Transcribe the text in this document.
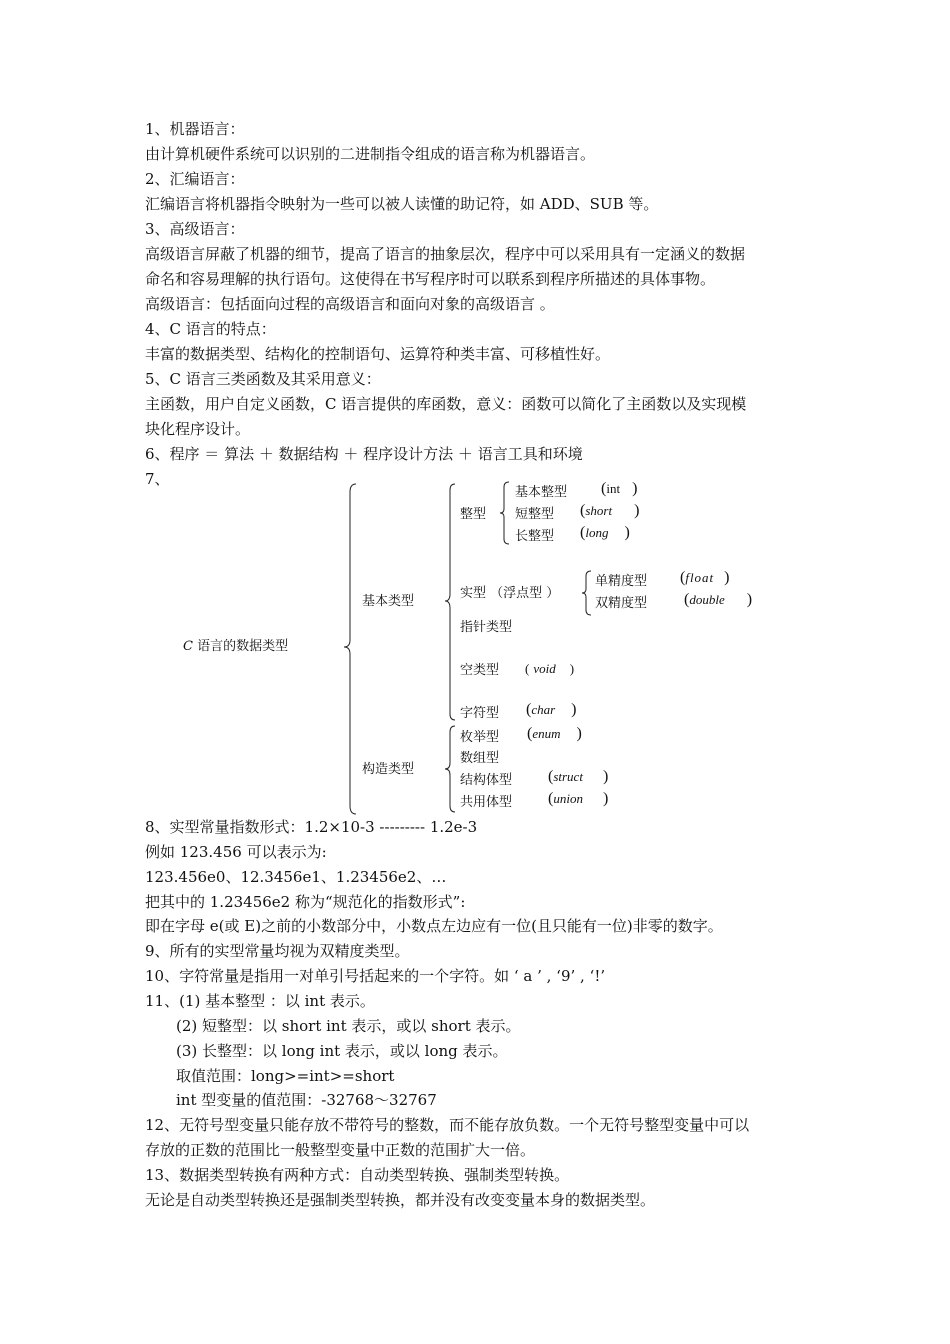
1、机器语言：
由计算机硬件系统可以识别的二进制指令组成的语言称为机器语言。
2、汇编语言：
汇编语言将机器指令映射为一些可以被人读懂的助记符，如 ADD、SUB 等。
3、高级语言：
高级语言屏蔽了机器的细节，提高了语言的抽象层次，程序中可以采用具有一定涵义的数据
命名和容易理解的执行语句。这使得在书写程序时可以联系到程序所描述的具体事物。
高级语言：包括面向过程的高级语言和面向对象的高级语言 。
4、C 语言的特点：
丰富的数据类型、结构化的控制语句、运算符种类丰富、可移植性好。
5、C 语言三类函数及其采用意义：
主函数，用户自定义函数，C 语言提供的库函数，意义：函数可以简化了主函数以及实现模
块化程序设计。
6、程序 ＝ 算法 ＋ 数据结构 ＋ 程序设计方法 ＋ 语言工具和环境
7、
C 语言的数据类型
基本类型
构造类型
整型
基本整型 (int )
短整型 (short )
长整型 (long )
实型 （浮点型 ）
单精度型 (float )
双精度型 (double )
指针类型
空类型 ( void )
字符型 (char )
枚举型 (enum )
数组型
结构体型 (struct )
共用体型 (union )
8、实型常量指数形式：1.2×10-3 --------- 1.2e-3
例如 123.456 可以表示为:
123.456e0、12.3456e1、1.23456e2、…
把其中的 1.23456e2 称为“规范化的指数形式”:
即在字母 e(或 E)之前的小数部分中，小数点左边应有一位(且只能有一位)非零的数字。
9、所有的实型常量均视为双精度类型。
10、字符常量是指用一对单引号括起来的一个字符。如 ‘ a ’ , ‘9’ , ‘!’
11、(1) 基本整型 ：以 int 表示。
(2) 短整型：以 short int 表示，或以 short 表示。
(3) 长整型：以 long int 表示，或以 long 表示。
取值范围：long>=int>=short
int 型变量的值范围：-32768～32767
12、无符号型变量只能存放不带符号的整数，而不能存放负数。一个无符号整型变量中可以
存放的正数的范围比一般整型变量中正数的范围扩大一倍。
13、数据类型转换有两种方式：自动类型转换、强制类型转换。
无论是自动类型转换还是强制类型转换，都并没有改变变量本身的数据类型。
